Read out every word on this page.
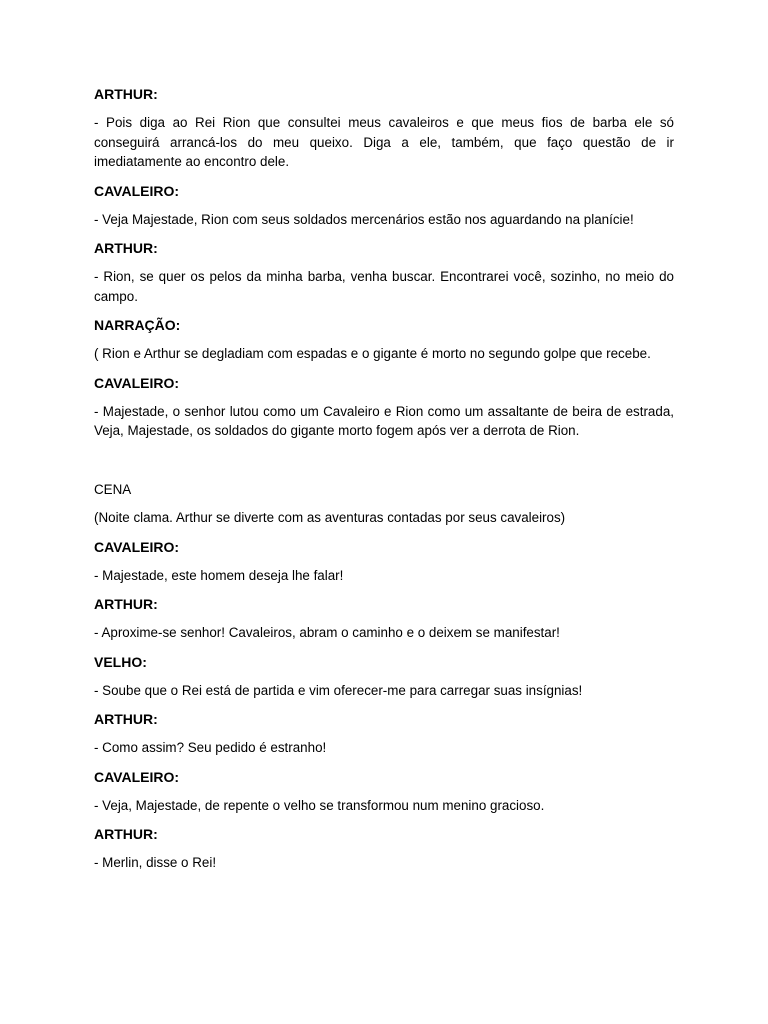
ARTHUR:
- Pois diga ao Rei Rion que consultei meus cavaleiros e que meus fios de barba ele só conseguirá arrancá-los do meu queixo. Diga a ele, também, que faço questão de ir imediatamente ao encontro dele.
CAVALEIRO:
- Veja Majestade, Rion com seus soldados mercenários estão nos aguardando na planície!
ARTHUR:
- Rion, se quer os pelos da minha barba, venha buscar. Encontrarei você, sozinho, no meio do campo.
NARRAÇÃO:
( Rion e Arthur se degladiam com espadas e o gigante é morto no segundo golpe que recebe.
CAVALEIRO:
- Majestade, o senhor lutou como um Cavaleiro e Rion como um assaltante de beira de estrada, Veja, Majestade, os soldados do gigante morto fogem após ver a derrota de Rion.
CENA
(Noite clama. Arthur se diverte com as aventuras contadas por seus cavaleiros)
CAVALEIRO:
- Majestade, este homem deseja lhe falar!
ARTHUR:
- Aproxime-se senhor! Cavaleiros, abram o caminho e o deixem se manifestar!
VELHO:
- Soube que o Rei está de partida e vim oferecer-me para carregar suas insígnias!
ARTHUR:
- Como assim? Seu pedido é estranho!
CAVALEIRO:
- Veja, Majestade, de repente o velho se transformou num menino gracioso.
ARTHUR:
- Merlin, disse o Rei!
